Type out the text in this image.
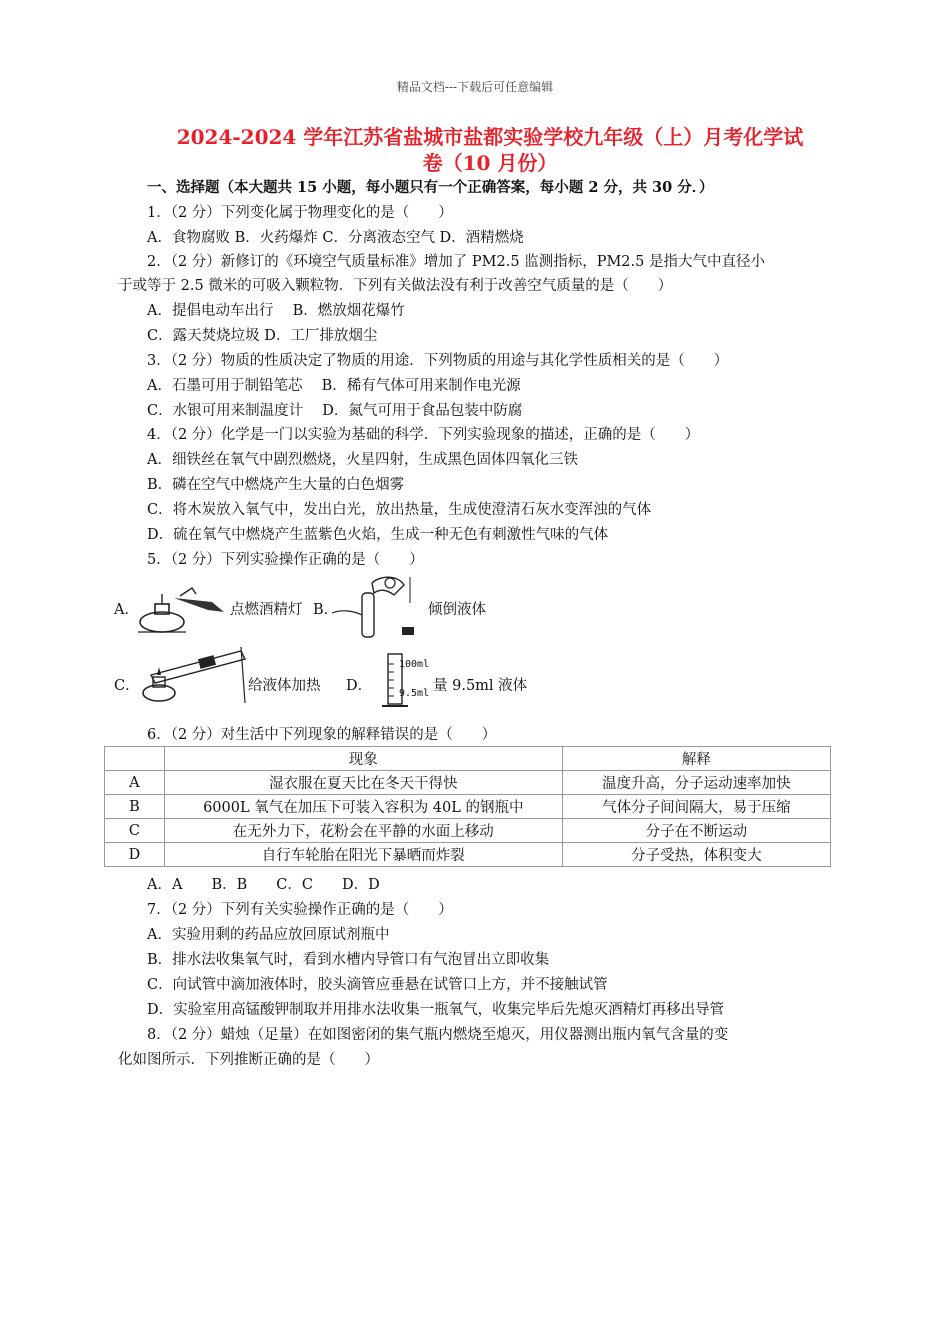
精品文档---下载后可任意编辑
2024-2024 学年江苏省盐城市盐都实验学校九年级（上）月考化学试
卷（10 月份）
一、选择题（本大题共 15 小题，每小题只有一个正确答案，每小题 2 分，共 30 分．）
1．（2 分）下列变化属于物理变化的是（　　）
A．食物腐败 B．火药爆炸 C．分离液态空气 D．酒精燃烧
2．（2 分）新修订的《环境空气质量标准》增加了 PM2.5 监测指标，PM2.5 是指大气中直径小
于或等于 2.5 微米的可吸入颗粒物．下列有关做法没有利于改善空气质量的是（　　）
A．提倡电动车出行　 B．燃放烟花爆竹
C．露天焚烧垃圾 D．工厂排放烟尘
3．（2 分）物质的性质决定了物质的用途．下列物质的用途与其化学性质相关的是（　　）
A．石墨可用于制铅笔芯　 B．稀有气体可用来制作电光源
C．水银可用来制温度计　 D．氮气可用于食品包装中防腐
4．（2 分）化学是一门以实验为基础的科学．下列实验现象的描述，正确的是（　　）
A．细铁丝在氧气中剧烈燃烧，火星四射，生成黑色固体四氧化三铁
B．磷在空气中燃烧产生大量的白色烟雾
C．将木炭放入氧气中，发出白光，放出热量，生成使澄清石灰水变浑浊的气体
D．硫在氧气中燃烧产生蓝紫色火焰，生成一种无色有刺激性气味的气体
5．（2 分）下列实验操作正确的是（　　）
A．	点燃酒精灯 B．	倾倒液体
C．	给液体加热 D．
100ml
9.5ml 量 9.5ml 液体
6．（2 分）对生活中下列现象的解释错误的是（　　）
	现象	解释
A	湿衣服在夏天比在冬天干得快	温度升高，分子运动速率加快
B	6000L 氧气在加压下可装入容积为 40L 的钢瓶中	气体分子间间隔大，易于压缩
C	在无外力下，花粉会在平静的水面上移动	分子在不断运动
D	自行车轮胎在阳光下暴晒而炸裂	分子受热，体积变大
A．A　　B．B　　C．C　　D．D
7．（2 分）下列有关实验操作正确的是（　　）
A．实验用剩的药品应放回原试剂瓶中
B．排水法收集氧气时，看到水槽内导管口有气泡冒出立即收集
C．向试管中滴加液体时，胶头滴管应垂悬在试管口上方，并不接触试管
D．实验室用高锰酸钾制取并用排水法收集一瓶氧气，收集完毕后先熄灭酒精灯再移出导管
8．（2 分）蜡烛（足量）在如图密闭的集气瓶内燃烧至熄灭，用仪器测出瓶内氧气含量的变
化如图所示．下列推断正确的是（　　）
